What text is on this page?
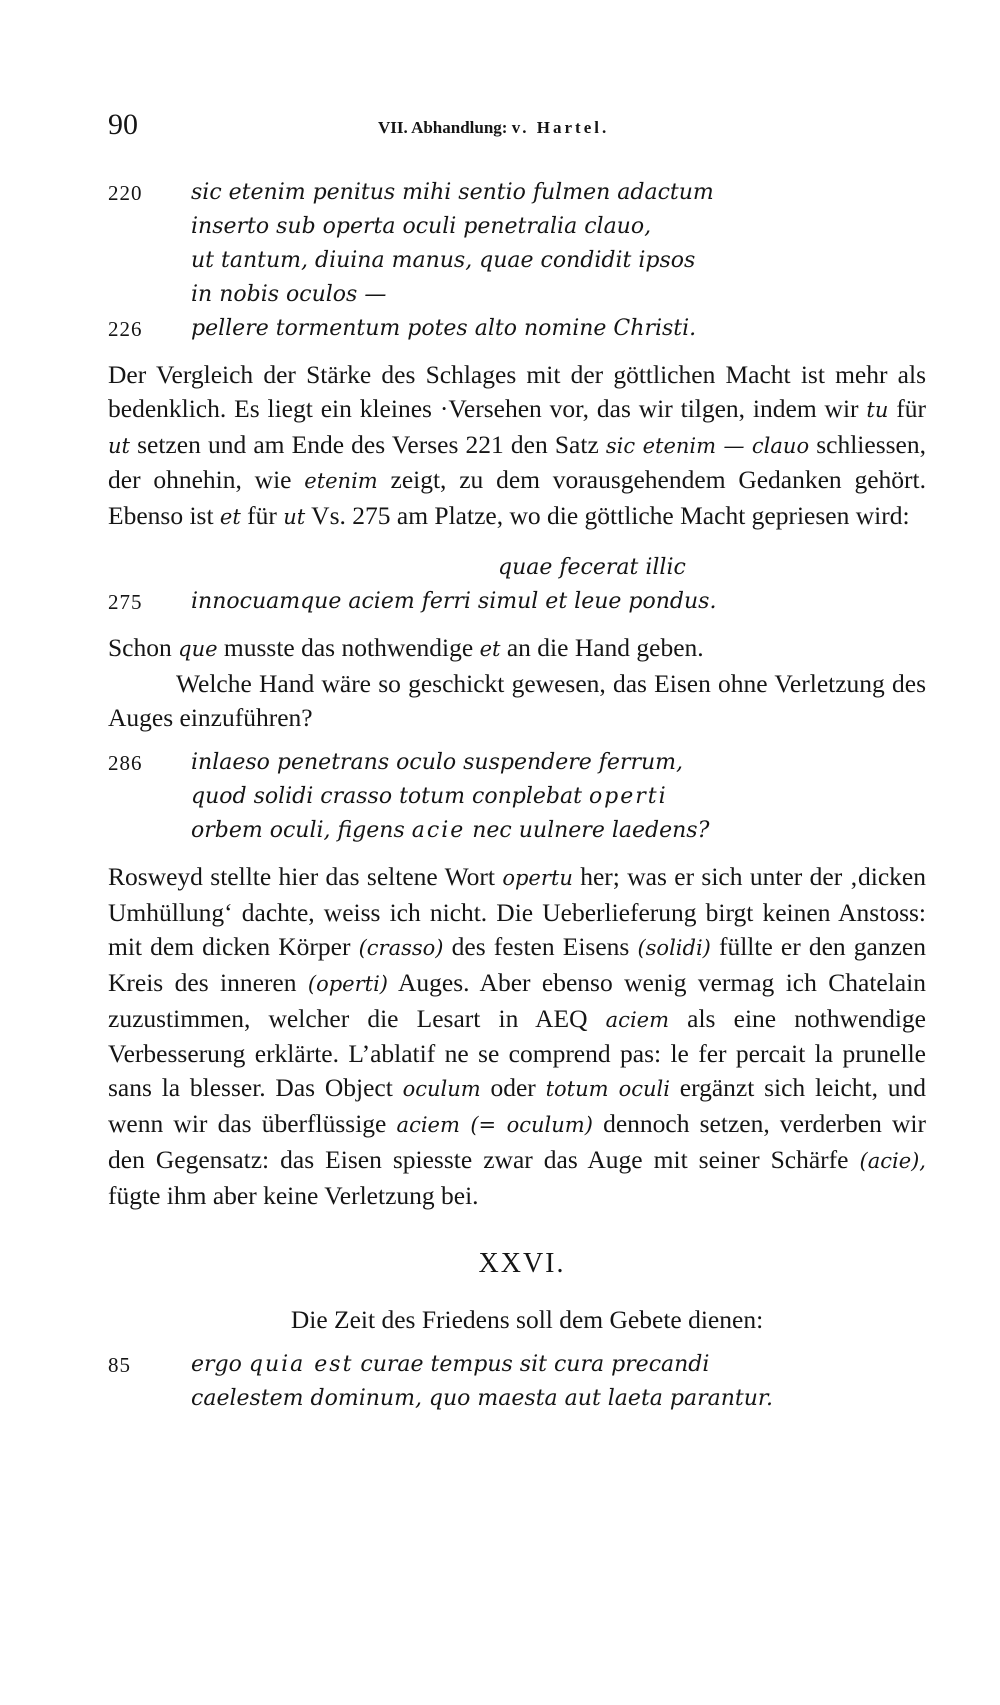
90	VII. Abhandlung: v. Hartel.
220 sic etenim penitus mihi sentio fulmen adactum
inserto sub operta oculi penetralia clauo,
ut tantum, diuina manus, quae condidit ipsos
in nobis oculos —
226 pellere tormentum potes alto nomine Christi.

Der Vergleich der Stärke des Schlages mit der göttlichen Macht ist mehr als bedenklich. Es liegt ein kleines ·Versehen vor, das wir tilgen, indem wir tu für ut setzen und am Ende des Verses 221 den Satz sic etenim — clauo schliessen, der ohnehin, wie etenim zeigt, zu dem vorausgehendem Gedanken gehört. Ebenso ist et für ut Vs. 275 am Platze, wo die göttliche Macht gepriesen wird:

quae fecerat illic
275 innocuamque aciem ferri simul et leue pondus.

Schon que musste das nothwendige et an die Hand geben.

Welche Hand wäre so geschickt gewesen, das Eisen ohne Verletzung des Auges einzuführen?

286 inlaeso penetrans oculo suspendere ferrum,
quod solidi crasso totum conplebat operti
orbem oculi, figens acie nec uulnere laedens?

Rosweyd stellte hier das seltene Wort opertu her; was er sich unter der ‚dicken Umhüllung‘ dachte, weiss ich nicht. Die Ueberlieferung birgt keinen Anstoss: mit dem dicken Körper (crasso) des festen Eisens (solidi) füllte er den ganzen Kreis des inneren (operti) Auges. Aber ebenso wenig vermag ich Chatelain zuzustimmen, welcher die Lesart in AEQ aciem als eine nothwendige Verbesserung erklärte. L’ablatif ne se comprend pas: le fer percait la prunelle sans la blesser. Das Object oculum oder totum oculi ergänzt sich leicht, und wenn wir das überflüssige aciem (= oculum) dennoch setzen, verderben wir den Gegensatz: das Eisen spiesste zwar das Auge mit seiner Schärfe (acie), fügte ihm aber keine Verletzung bei.

XXVI.

Die Zeit des Friedens soll dem Gebete dienen:

85	ergo quia est curae tempus sit cura precandi
caelestem dominum, quo maesta aut laeta parantur.
